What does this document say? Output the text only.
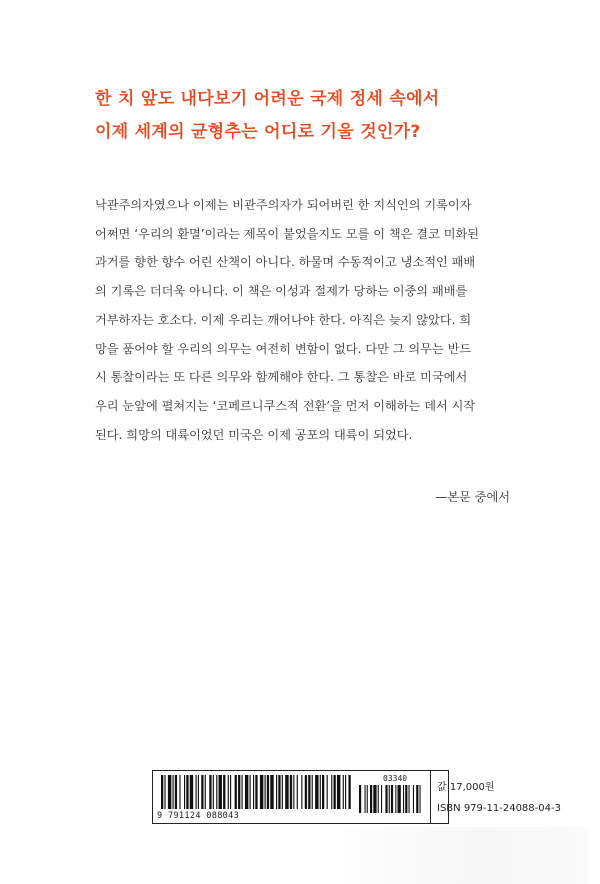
한 치 앞도 내다보기 어려운 국제 정세 속에서
이제 세계의 균형추는 어디로 기울 것인가?
낙관주의자였으나 이제는 비관주의자가 되어버린 한 지식인의 기록이자
어쩌면 ‘우리의 환멸’이라는 제목이 붙었을지도 모를 이 책은 결코 미화된
과거를 향한 향수 어린 산책이 아니다. 하물며 수동적이고 냉소적인 패배
의 기록은 더더욱 아니다. 이 책은 이성과 절제가 당하는 이중의 패배를
거부하자는 호소다. 이제 우리는 깨어나야 한다. 아직은 늦지 않았다. 희
망을 품어야 할 우리의 의무는 여전히 변함이 없다. 다만 그 의무는 반드
시 통찰이라는 또 다른 의무와 함께해야 한다. 그 통찰은 바로 미국에서
우리 눈앞에 펼쳐지는 ‘코페르니쿠스적 전환’을 먼저 이해하는 데서 시작
된다. 희망의 대륙이었던 미국은 이제 공포의 대륙이 되었다.
—본문 중에서
03340
9 791124 088043
값 17,000원
ISBN 979-11-24088-04-3
